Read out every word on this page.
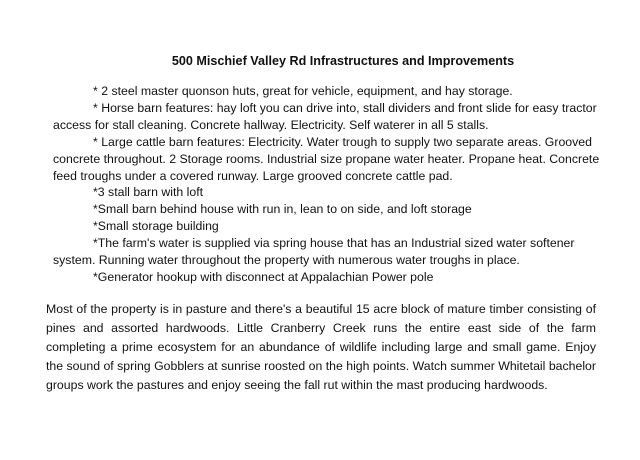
500 Mischief Valley Rd Infrastructures and Improvements

* 2 steel master quonson huts, great for vehicle, equipment, and hay storage.

* Horse barn features: hay loft you can drive into, stall dividers and front slide for easy tractor access for stall cleaning. Concrete hallway. Electricity. Self waterer in all 5 stalls.

* Large cattle barn features: Electricity. Water trough to supply two separate areas. Grooved concrete throughout. 2 Storage rooms. Industrial size propane water heater. Propane heat. Concrete feed troughs under a covered runway. Large grooved concrete cattle pad.

*3 stall barn with loft

*Small barn behind house with run in, lean to on side, and loft storage

*Small storage building

*The farm's water is supplied via spring house that has an Industrial sized water softener system. Running water throughout the property with numerous water troughs in place.

*Generator hookup with disconnect at Appalachian Power pole

Most of the property is in pasture and there's a beautiful 15 acre block of mature timber consisting of pines and assorted hardwoods. Little Cranberry Creek runs the entire east side of the farm completing a prime ecosystem for an abundance of wildlife including large and small game. Enjoy the sound of spring Gobblers at sunrise roosted on the high points. Watch summer Whitetail bachelor groups work the pastures and enjoy seeing the fall rut within the mast producing hardwoods.
